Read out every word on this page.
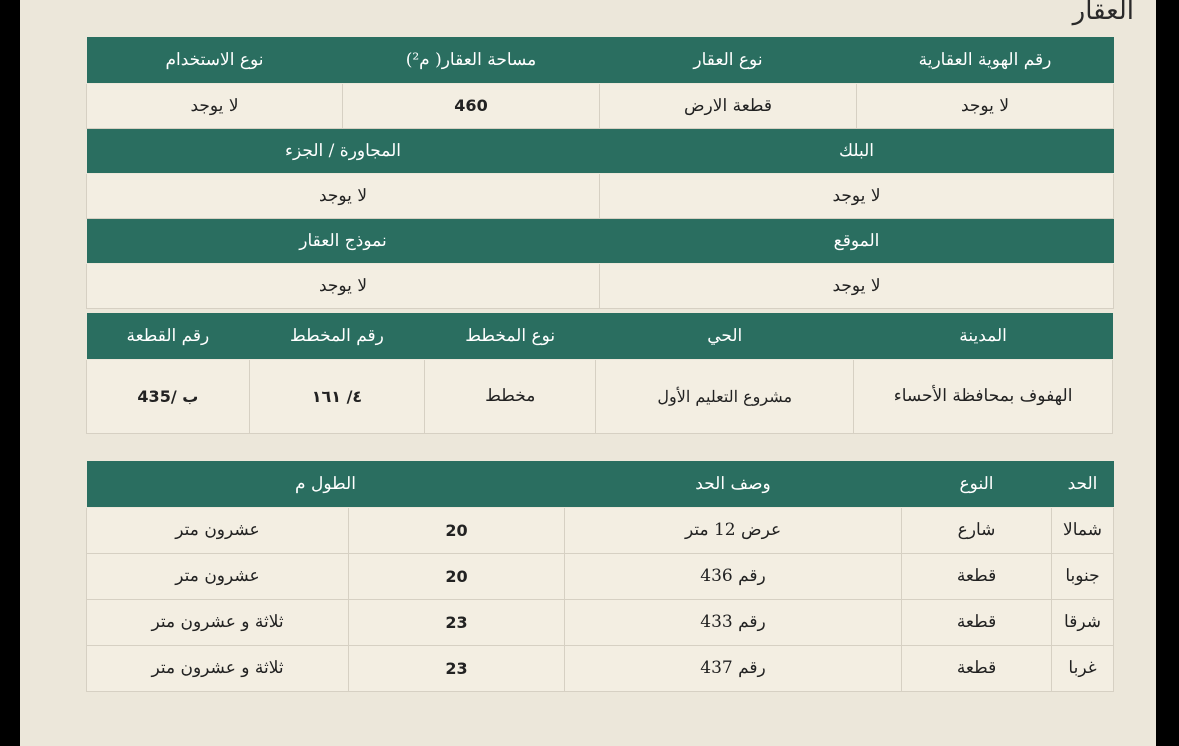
العقار
رقم الهوية العقارية	نوع العقار	مساحة العقار( م²)	نوع الاستخدام
لا يوجد	قطعة الارض	460	لا يوجد
البلك		المجاورة / الجزء	
لا يوجد		لا يوجد	
الموقع		نموذج العقار	
لا يوجد		لا يوجد	
المدينة	الحي	نوع المخطط	رقم المخطط	رقم القطعة
الهفوف بمحافظة الأحساء	مشروع التعليم الأول	مخطط	٤/ ١٦١	ب /435
الحد	النوع	وصف الحد	الطول م	
شمالا	شارع	عرض 12 متر	20	عشرون متر
جنوبا	قطعة	رقم 436	20	عشرون متر
شرقا	قطعة	رقم 433	23	ثلاثة و عشرون متر
غربا	قطعة	رقم 437	23	ثلاثة و عشرون متر
